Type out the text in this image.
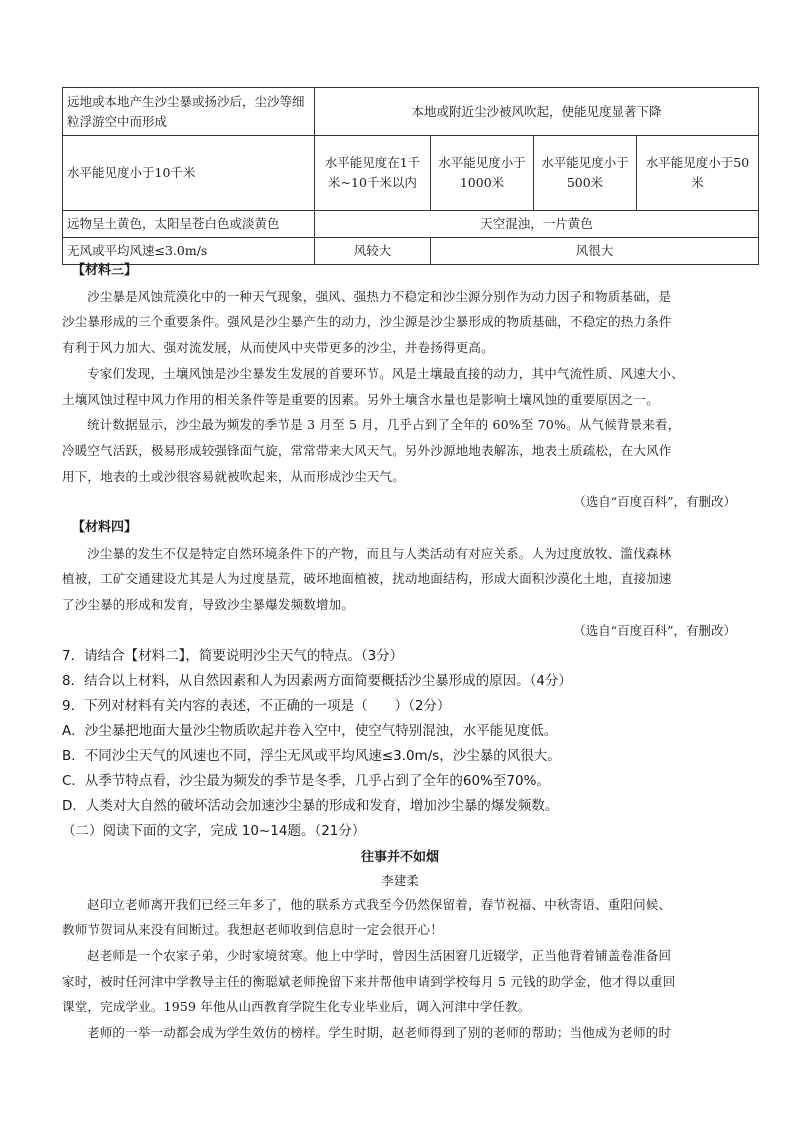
远地或本地产生沙尘暴或扬沙后，尘沙等细粒浮游空中而形成	本地或附近尘沙被风吹起，使能见度显著下降			
水平能见度小于10千米	水平能见度在1千米~10千米以内	水平能见度小于1000米	水平能见度小于500米	水平能见度小于50米
远物呈土黄色，太阳呈苍白色或淡黄色	天空混浊，一片黄色			
无风或平均风速≤3.0m/s	风较大	风很大		

【材料三】

沙尘暴是风蚀荒漠化中的一种天气现象，强风、强热力不稳定和沙尘源分别作为动力因子和物质基础，是

沙尘暴形成的三个重要条件。强风是沙尘暴产生的动力，沙尘源是沙尘暴形成的物质基础，不稳定的热力条件

有利于风力加大、强对流发展，从而使风中夹带更多的沙尘，并卷扬得更高。

专家们发现，土壤风蚀是沙尘暴发生发展的首要环节。风是土壤最直接的动力，其中气流性质、风速大小、

土壤风蚀过程中风力作用的相关条件等是重要的因素。另外土壤含水量也是影响土壤风蚀的重要原因之一。

统计数据显示，沙尘最为频发的季节是 3 月至 5 月，几乎占到了全年的 60%至 70%。从气候背景来看，

冷暖空气活跃，极易形成较强锋面气旋，常常带来大风天气。另外沙源地地表解冻，地表土质疏松，在大风作

用下，地表的土或沙很容易就被吹起来，从而形成沙尘天气。

（选自“百度百科”，有删改）

【材料四】

沙尘暴的发生不仅是特定自然环境条件下的产物，而且与人类活动有对应关系。人为过度放牧、滥伐森林

植被，工矿交通建设尤其是人为过度垦荒，破坏地面植被，扰动地面结构，形成大面积沙漠化土地，直接加速

了沙尘暴的形成和发育，导致沙尘暴爆发频数增加。

（选自“百度百科”，有删改）

7．请结合【材料二】，简要说明沙尘天气的特点。（3分）

8．结合以上材料，从自然因素和人为因素两方面简要概括沙尘暴形成的原因。（4分）

9．下列对材料有关内容的表述，不正确的一项是（　　）（2分）

A．沙尘暴把地面大量沙尘物质吹起并卷入空中，使空气特别混浊，水平能见度低。

B．不同沙尘天气的风速也不同，浮尘无风或平均风速≤3.0m/s，沙尘暴的风很大。

C．从季节特点看，沙尘最为频发的季节是冬季，几乎占到了全年的60%至70%。

D．人类对大自然的破坏活动会加速沙尘暴的形成和发育，增加沙尘暴的爆发频数。

（二）阅读下面的文字，完成 10~14题。（21分）

往事并不如烟

李建柔

赵印立老师离开我们已经三年多了，他的联系方式我至今仍然保留着，春节祝福、中秋寄语、重阳问候、

教师节贺词从来没有间断过。我想赵老师收到信息时一定会很开心！

赵老师是一个农家子弟，少时家境贫寒。他上中学时，曾因生活困窘几近辍学，正当他背着铺盖卷准备回

家时，被时任河津中学教导主任的衡聪斌老师挽留下来并帮他申请到学校每月 5 元钱的助学金，他才得以重回

课堂，完成学业。1959 年他从山西教育学院生化专业毕业后，调入河津中学任教。

老师的一举一动都会成为学生效仿的榜样。学生时期，赵老师得到了别的老师的帮助；当他成为老师的时
